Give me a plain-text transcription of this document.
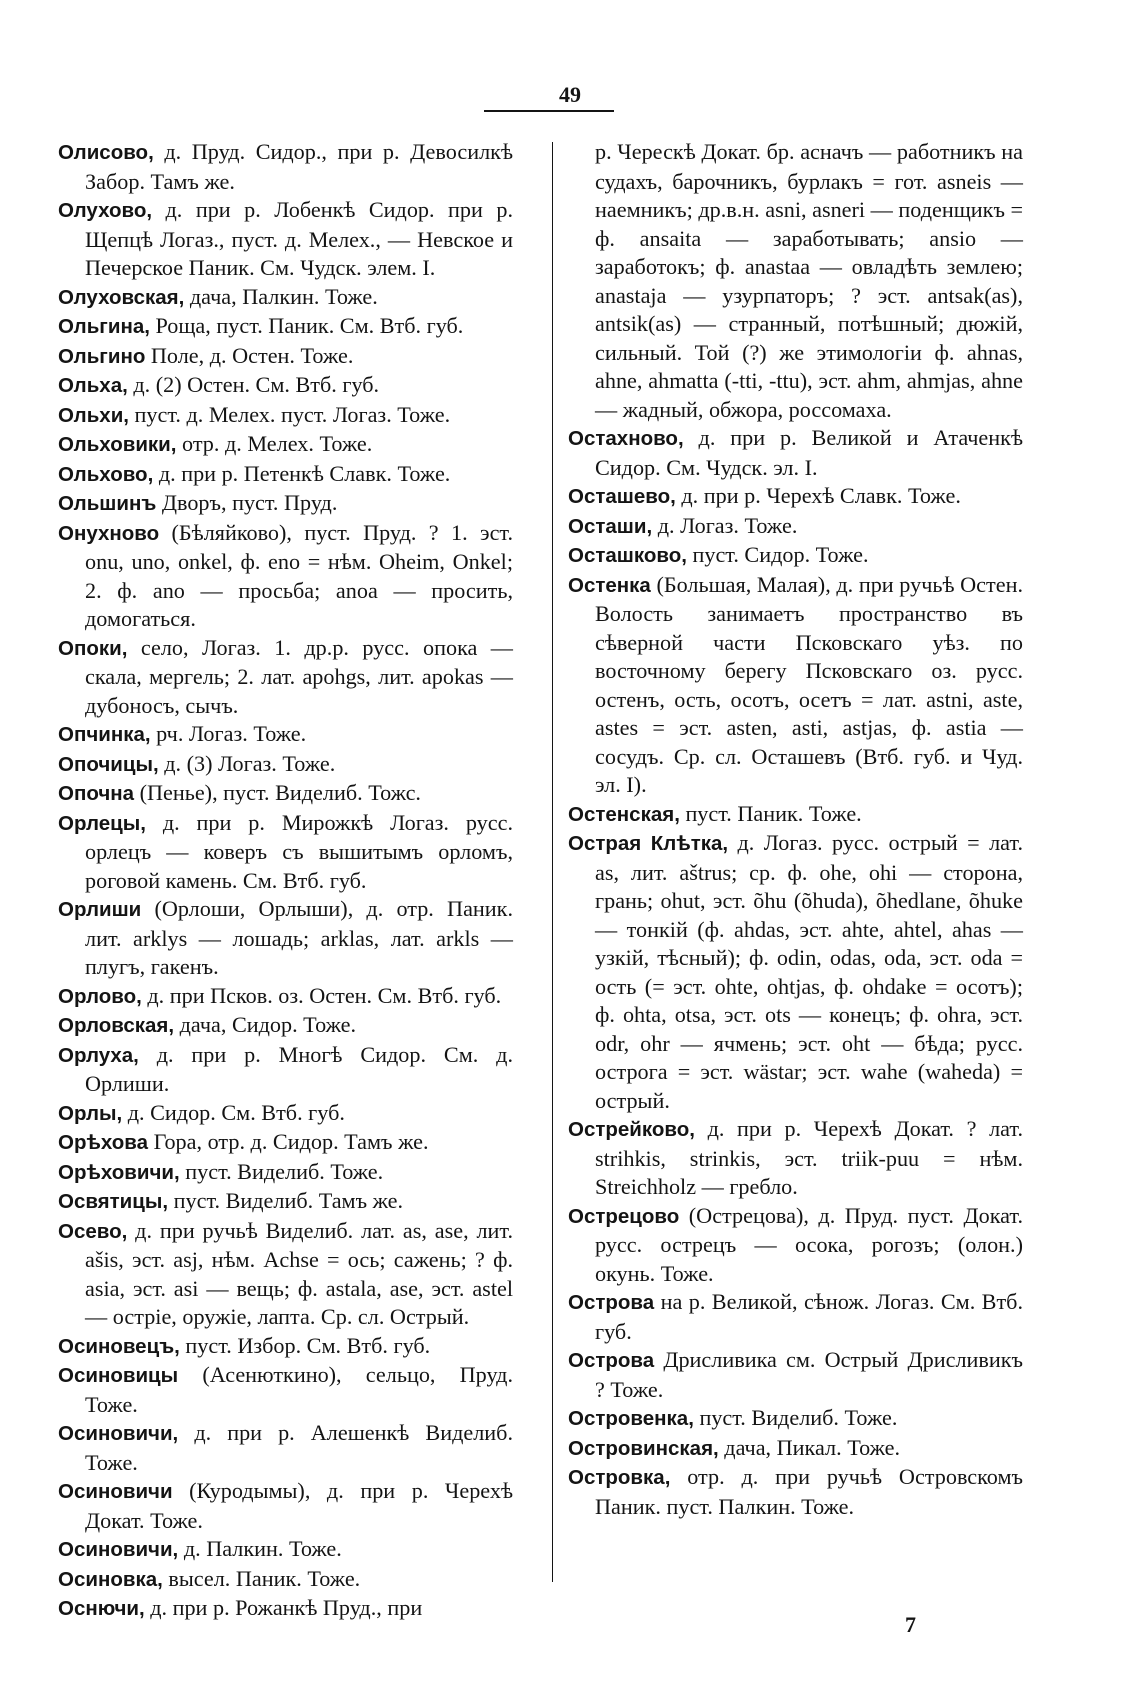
49

Олисово, д. Пруд. Сидор., при р. Девосилкѣ Забор. Тамъ же.

Олухово, д. при р. Лобенкѣ Сидор. при р. Щепцѣ Логаз., пуст. д. Мелех., — Невское и Печерское Паник. См. Чудск. элем. I.

Олуховская, дача, Палкин. Тоже.

Ольгина, Роща, пуст. Паник. См. Втб. губ.

Ольгино Поле, д. Остен. Тоже.

Ольха, д. (2) Остен. См. Втб. губ.

Ольхи, пуст. д. Мелех. пуст. Логаз. Тоже.

Ольховики, отр. д. Мелех. Тоже.

Ольхово, д. при р. Петенкѣ Славк. Тоже.

Ольшинъ Дворъ, пуст. Пруд.

Онухново (Бѣляйково), пуст. Пруд. ? 1. эст. onu, uno, onkel, ф. eno = нѣм. Oheim, Onkel; 2. ф. ano — просьба; anoa — просить, домогаться.

Опоки, село, Логаз. 1. др.р. русс. опока — скала, мергель; 2. лат. apohgs, лит. apokas — дубоносъ, сычъ.

Опчинка, рч. Логаз. Тоже.

Опочицы, д. (3) Логаз. Тоже.

Опочна (Пенье), пуст. Виделиб. Тожс.

Орлецы, д. при р. Мирожкѣ Логаз. русс. орлецъ — коверъ съ вышитымъ орломъ, роговой камень. См. Втб. губ.

Орлиши (Орлоши, Орлыши), д. отр. Паник. лит. arklys — лошадь; arklas, лат. arkls — плугъ, гакенъ.

Орлово, д. при Псков. оз. Остен. См. Втб. губ.

Орловская, дача, Сидор. Тоже.

Орлуха, д. при р. Многѣ Сидор. См. д. Орлиши.

Орлы, д. Сидор. См. Втб. губ.

Орѣхова Гора, отр. д. Сидор. Тамъ же.

Орѣховичи, пуст. Виделиб. Тоже.

Освятицы, пуст. Виделиб. Тамъ же.

Осево, д. при ручьѣ Виделиб. лат. as, ase, лит. ašis, эст. asj, нѣм. Achse = ось; сажень; ? ф. asia, эст. asi — вещь; ф. astala, ase, эст. astel — острiе, оружiе, лапта. Ср. сл. Острый.

Осиновецъ, пуст. Избор. См. Втб. губ.

Осиновицы (Асенюткино), сельцо, Пруд. Тоже.

Осиновичи, д. при р. Алешенкѣ Виделиб. Тоже.

Осиновичи (Куродымы), д. при р. Черехѣ Докат. Тоже.

Осиновичи, д. Палкин. Тоже.

Осиновка, высел. Паник. Тоже.

Оснючи, д. при р. Рожанкѣ Пруд., при

р. Черескѣ Докат. бр. асначъ — работникъ на судахъ, барочникъ, бурлакъ = гот. asneis — наемникъ; др.в.н. asni, asneri — поденщикъ = ф. ansaita — заработывать; ansio — заработокъ; ф. anastaa — овладѣть землею; anastaja — узурпаторъ; ? эст. antsak(as), antsik(as) — странный, потѣшный; дюжiй, сильный. Той (?) же этимологiи ф. ahnas, ahne, ahmatta (-tti, -ttu), эст. ahm, ahmjas, ahne — жадный, обжора, россомаха.

Остахново, д. при р. Великой и Атаченкѣ Сидор. См. Чудск. эл. I.

Осташево, д. при р. Черехѣ Славк. Тоже.

Осташи, д. Логаз. Тоже.

Осташково, пуст. Сидор. Тоже.

Остенка (Большая, Малая), д. при ручьѣ Остен. Волость занимаетъ пространство въ сѣверной части Псковскаго уѣз. по восточному берегу Псковскаго оз. русс. остенъ, ость, осотъ, осетъ = лат. astni, aste, astes = эст. asten, asti, astjas, ф. astia — сосудъ. Ср. сл. Осташевъ (Втб. губ. и Чуд. эл. I).

Остенская, пуст. Паник. Тоже.

Острая Клѣтка, д. Логаз. русс. острый = лат. as, лит. aštrus; ср. ф. ohe, ohi — сторона, грань; ohut, эст. õhu (õhuda), õhedlane, õhuke — тонкiй (ф. ahdas, эст. ahte, ahtel, ahas — узкiй, тѣсный); ф. odin, odas, oda, эст. oda = ость (= эст. ohte, ohtjas, ф. ohdake = осотъ); ф. ohta, otsa, эст. ots — конецъ; ф. ohra, эст. odr, ohr — ячмень; эст. oht — бѣда; русс. острога = эст. wästar; эст. wahe (waheda) = острый.

Острейково, д. при р. Черехѣ Докат. ? лат. strihkis, strinkis, эст. triik-puu = нѣм. Streichholz — гребло.

Острецово (Острецова), д. Пруд. пуст. Докат. русс. острецъ — осока, рогозъ; (олон.) окунь. Тоже.

Острова на р. Великой, сѣнож. Логаз. См. Втб. губ.

Острова Дрисливика см. Острый Дрисливикъ ? Тоже.

Островенка, пуст. Виделиб. Тоже.

Островинская, дача, Пикал. Тоже.

Островка, отр. д. при ручьѣ Островскомъ Паник. пуст. Палкин. Тоже.

7
